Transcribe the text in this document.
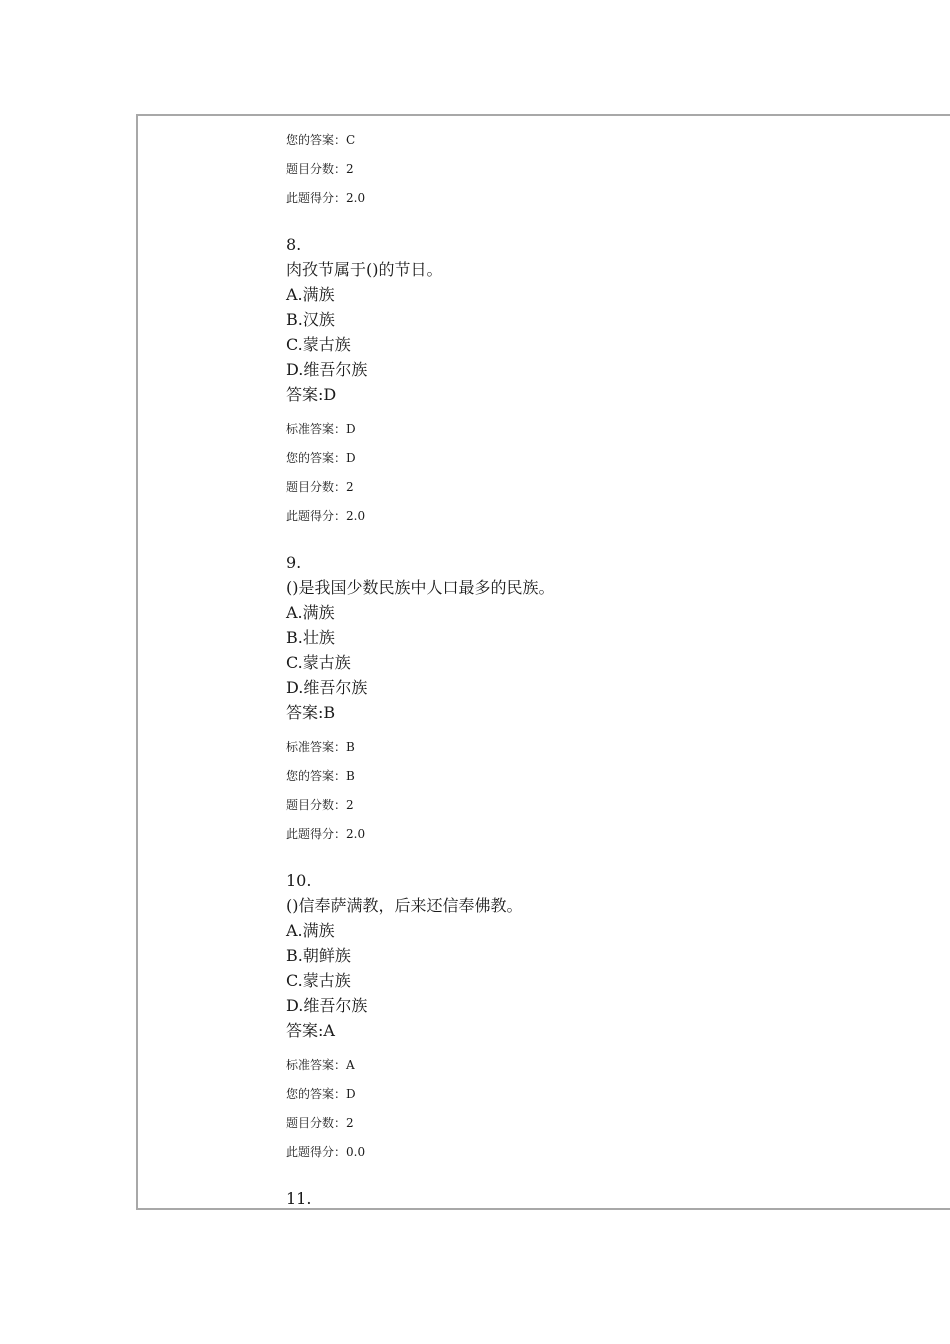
您的答案：C
题目分数：2
此题得分：2.0
8.
肉孜节属于()的节日。
A.满族
B.汉族
C.蒙古族
D.维吾尔族
答案:D
标准答案：D
您的答案：D
题目分数：2
此题得分：2.0
9.
()是我国少数民族中人口最多的民族。
A.满族
B.壮族
C.蒙古族
D.维吾尔族
答案:B
标准答案：B
您的答案：B
题目分数：2
此题得分：2.0
10.
()信奉萨满教，后来还信奉佛教。
A.满族
B.朝鲜族
C.蒙古族
D.维吾尔族
答案:A
标准答案：A
您的答案：D
题目分数：2
此题得分：0.0
11.
